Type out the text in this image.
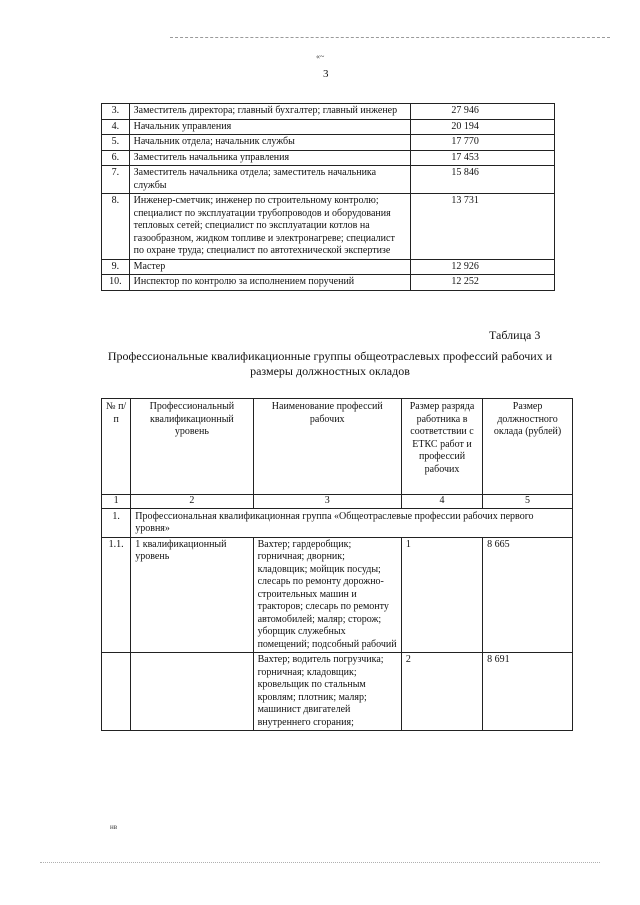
«~
3
3.	Заместитель директора; главный бухгалтер; главный инженер	27 946
4.	Начальник управления	20 194
5.	Начальник отдела; начальник службы	17 770
6.	Заместитель начальника управления	17 453
7.	Заместитель начальника отдела; заместитель начальника службы	15 846
8.	Инженер-сметчик; инженер по строительному контролю; специалист по эксплуатации трубопроводов и оборудования тепловых сетей; специалист по эксплуатации котлов на газообразном, жидком топливе и электронагреве; специалист по охране труда; специалист по автотехнической экспертизе	13 731
9.	Мастер	12 926
10.	Инспектор по контролю за исполнением поручений	12 252
Таблица 3
Профессиональные квалификационные группы общеотраслевых профессий рабочих и размеры должностных окладов
№ п/п	Профессиональный квалификационный уровень	Наименование профессий рабочих	Размер разряда работника в соответствии с ЕТКС работ и профессий рабочих	Размер должностного оклада (рублей)
1	2	3	4	5
1.	Профессиональная квалификационная группа «Общеотраслевые профессии рабочих первого уровня»			
1.1.	1 квалификационный уровень	Вахтер; гардеробщик; горничная; дворник; кладовщик; мойщик посуды; слесарь по ремонту дорожно-строительных машин и тракторов; слесарь по ремонту автомобилей; маляр; сторож; уборщик служебных помещений; подсобный рабочий	1	8 665
		Вахтер; водитель погрузчика; горничная; кладовщик; кровельщик по стальным кровлям; плотник; маляр; машинист двигателей внутреннего сгорания;	2	8 691
нв
